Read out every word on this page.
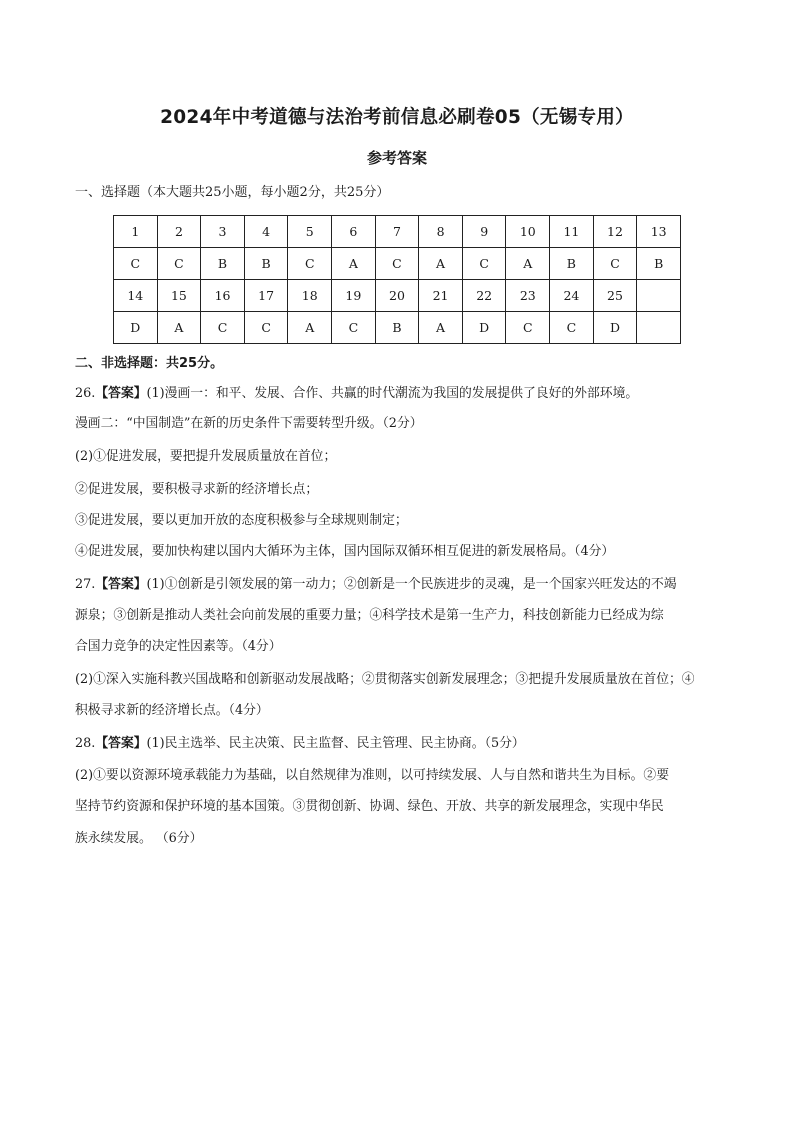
2024年中考道德与法治考前信息必刷卷05（无锡专用）
参考答案

一、选择题（本大题共25小题，每小题2分，共25分）

1	2	3	4	5	6	7	8	9	10	11	12	13
C	C	B	B	C	A	C	A	C	A	B	C	B
14	15	16	17	18	19	20	21	22	23	24	25	
D	A	C	C	A	C	B	A	D	C	C	D	

二、非选择题：共25分。

26.【答案】(1)漫画一：和平、发展、合作、共赢的时代潮流为我国的发展提供了良好的外部环境。

漫画二：“中国制造”在新的历史条件下需要转型升级。（2分）

(2)①促进发展，要把提升发展质量放在首位；

②促进发展，要积极寻求新的经济增长点；

③促进发展，要以更加开放的态度积极参与全球规则制定；

④促进发展，要加快构建以国内大循环为主体，国内国际双循环相互促进的新发展格局。（4分）

27.【答案】(1)①创新是引领发展的第一动力；②创新是一个民族进步的灵魂，是一个国家兴旺发达的不竭

源泉；③创新是推动人类社会向前发展的重要力量；④科学技术是第一生产力，科技创新能力已经成为综

合国力竞争的决定性因素等。（4分）

(2)①深入实施科教兴国战略和创新驱动发展战略；②贯彻落实创新发展理念；③把提升发展质量放在首位；④

积极寻求新的经济增长点。（4分）

28.【答案】(1)民主选举、民主决策、民主监督、民主管理、民主协商。（5分）

(2)①要以资源环境承载能力为基础，以自然规律为准则，以可持续发展、人与自然和谐共生为目标。②要

坚持节约资源和保护环境的基本国策。③贯彻创新、协调、绿色、开放、共享的新发展理念，实现中华民

族永续发展。 （6分）
